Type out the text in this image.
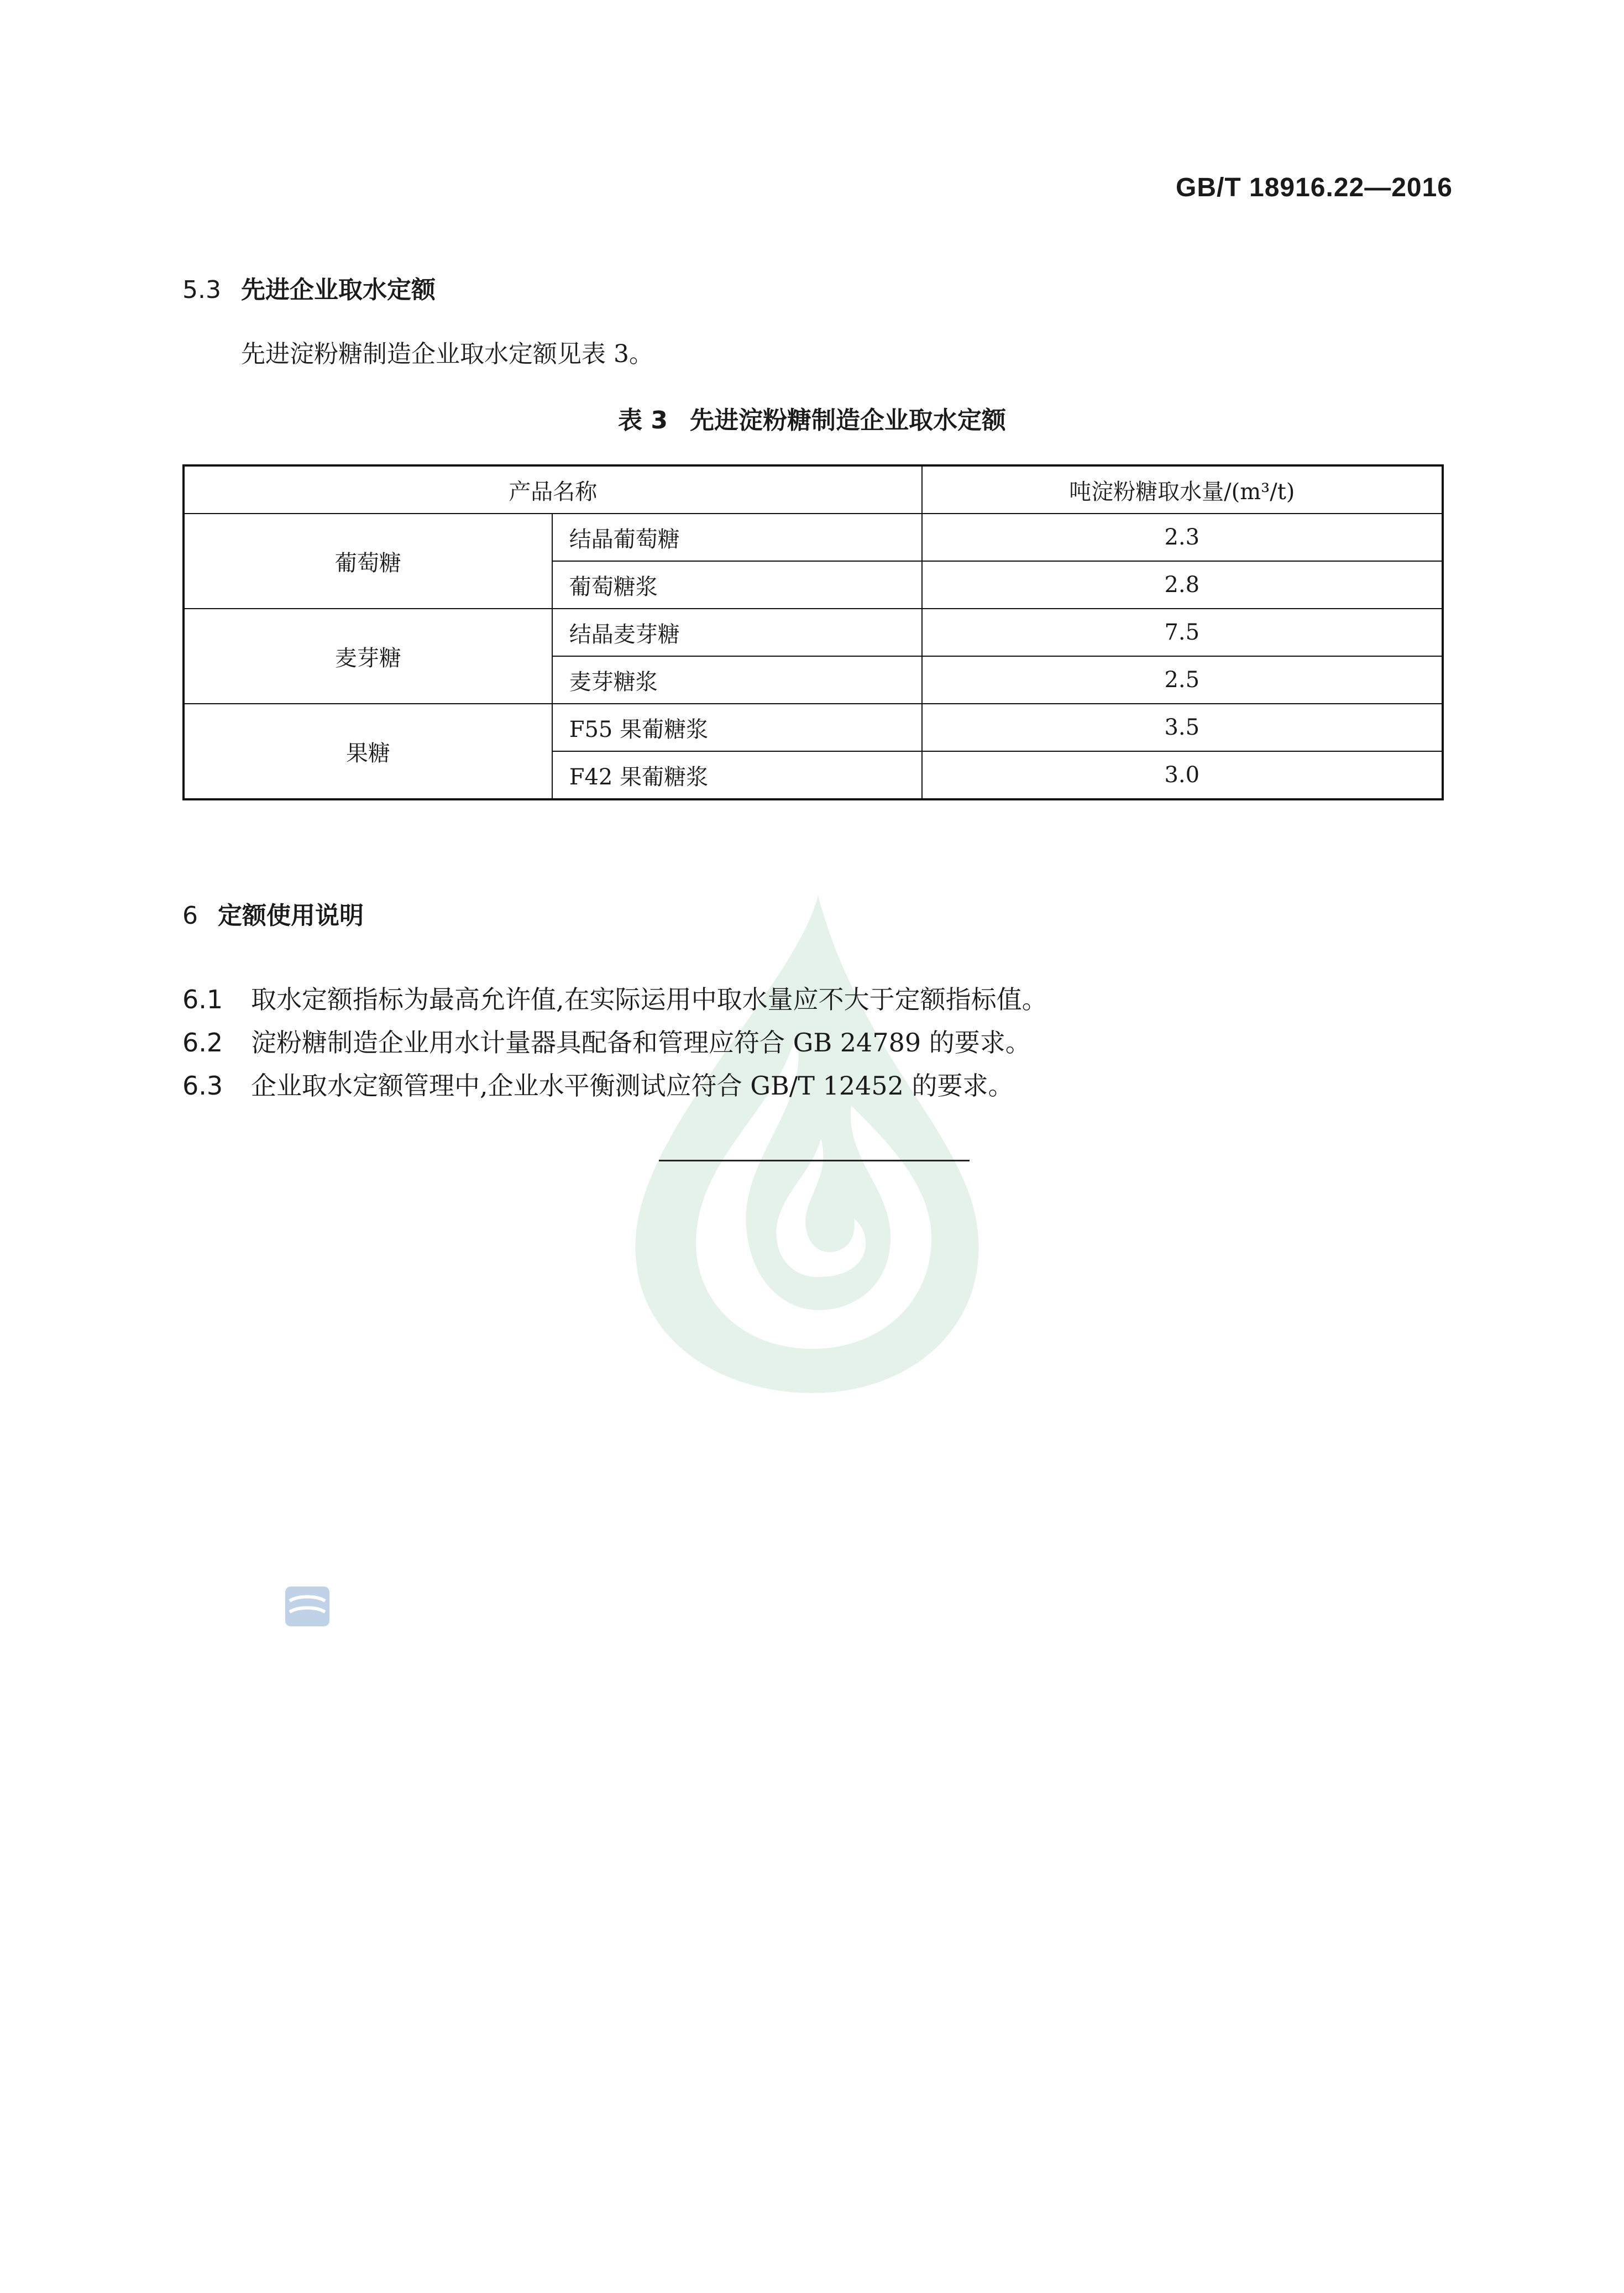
GB/T 18916.22—2016
5.3 先进企业取水定额
先进淀粉糖制造企业取水定额见表 3。
表 3 先进淀粉糖制造企业取水定额
产品名称		吨淀粉糖取水量/(m³/t)
葡萄糖	结晶葡萄糖	2.3
	葡萄糖浆	2.8
麦芽糖	结晶麦芽糖	7.5
	麦芽糖浆	2.5
果糖	F55 果葡糖浆	3.5
	F42 果葡糖浆	3.0
6 定额使用说明
6.1 取水定额指标为最高允许值,在实际运用中取水量应不大于定额指标值。
6.2 淀粉糖制造企业用水计量器具配备和管理应符合 GB 24789 的要求。
6.3 企业取水定额管理中,企业水平衡测试应符合 GB/T 12452 的要求。
